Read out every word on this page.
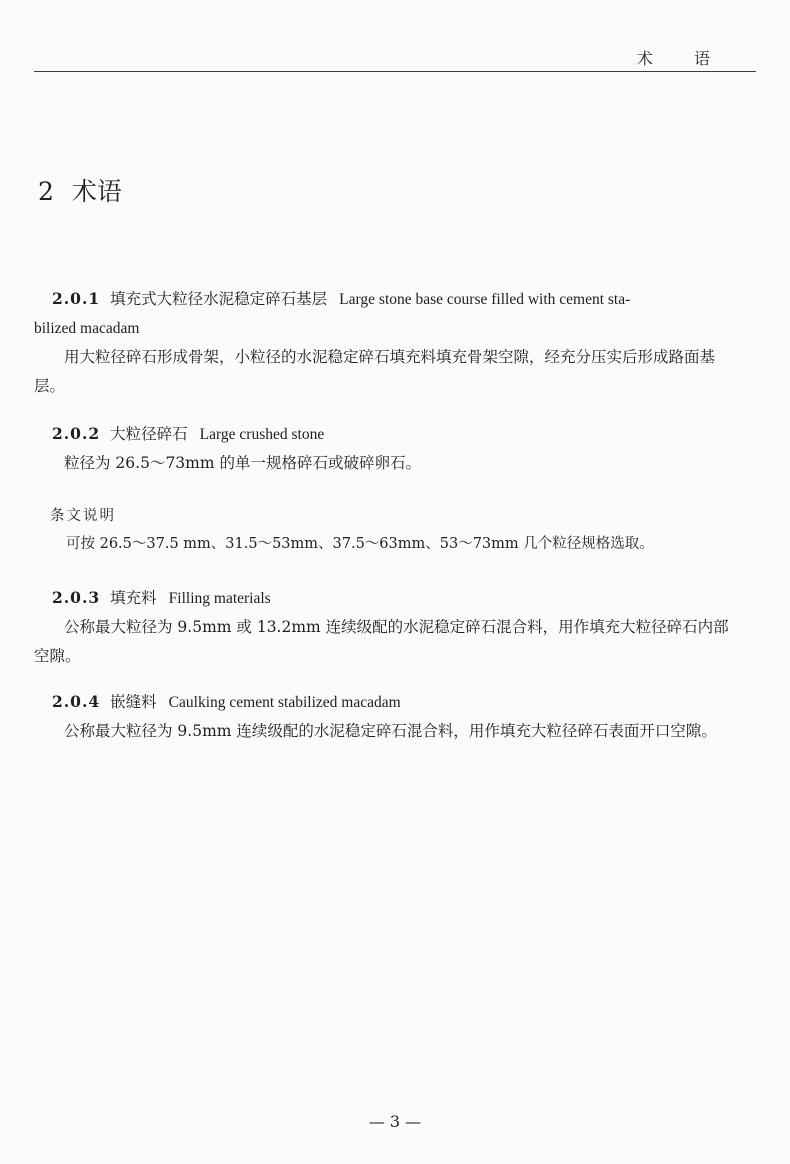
术 语
2 术语

2.0.1 填充式大粒径水泥稳定碎石基层 Large stone base course filled with cement sta-

bilized macadam

用大粒径碎石形成骨架，小粒径的水泥稳定碎石填充料填充骨架空隙，经充分压实后形成路面基层。

2.0.2 大粒径碎石 Large crushed stone

粒径为 26.5～73mm 的单一规格碎石或破碎卵石。

条文说明

可按 26.5～37.5 mm、31.5～53mm、37.5～63mm、53～73mm 几个粒径规格选取。

2.0.3 填充料 Filling materials

公称最大粒径为 9.5mm 或 13.2mm 连续级配的水泥稳定碎石混合料，用作填充大粒径碎石内部空隙。

2.0.4 嵌缝料 Caulking cement stabilized macadam

公称最大粒径为 9.5mm 连续级配的水泥稳定碎石混合料，用作填充大粒径碎石表面开口空隙。

— 3 —
